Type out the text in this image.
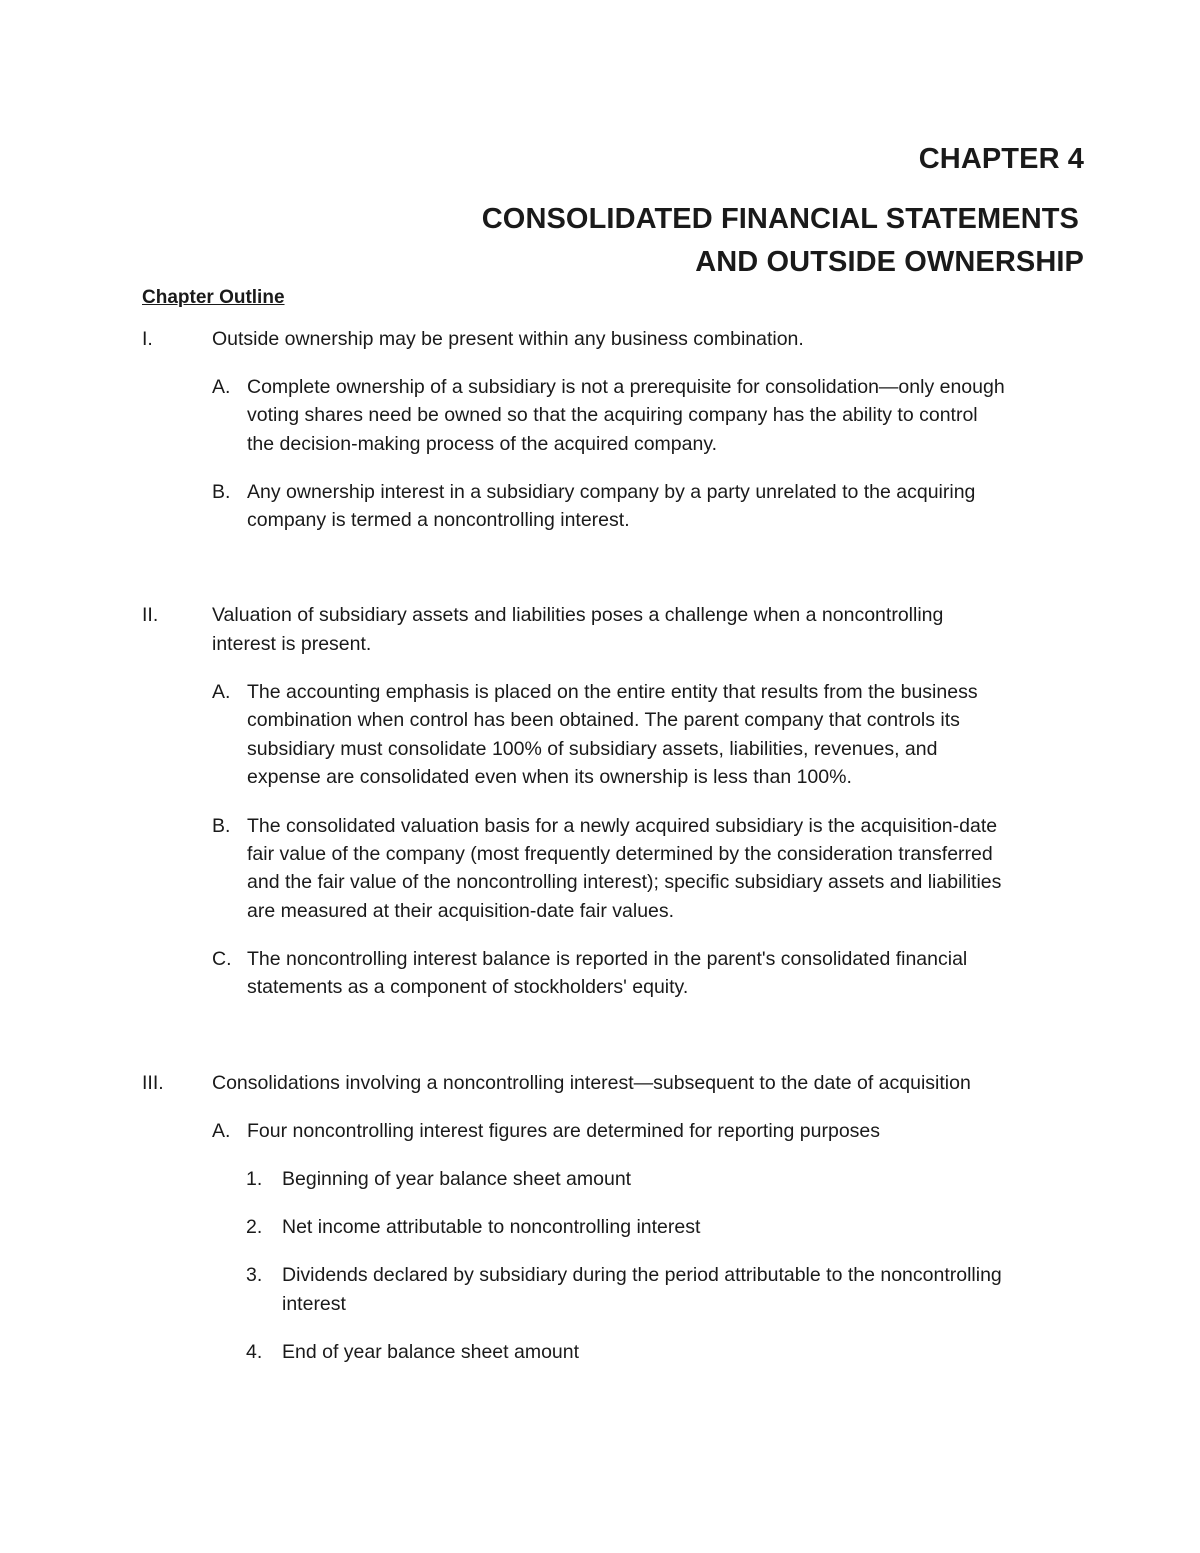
CHAPTER 4
CONSOLIDATED FINANCIAL STATEMENTS
AND OUTSIDE OWNERSHIP
Chapter Outline
I.	Outside ownership may be present within any business combination.
A. Complete ownership of a subsidiary is not a prerequisite for consolidation—only enough
voting shares need be owned so that the acquiring company has the ability to control
the decision-making process of the acquired company.
B. Any ownership interest in a subsidiary company by a party unrelated to the acquiring
company is termed a noncontrolling interest.
II.	Valuation of subsidiary assets and liabilities poses a challenge when a noncontrolling
interest is present.
A. The accounting emphasis is placed on the entire entity that results from the business
combination when control has been obtained. The parent company that controls its
subsidiary must consolidate 100% of subsidiary assets, liabilities, revenues, and
expense are consolidated even when its ownership is less than 100%.
B. The consolidated valuation basis for a newly acquired subsidiary is the acquisition-date
fair value of the company (most frequently determined by the consideration transferred
and the fair value of the noncontrolling interest); specific subsidiary assets and liabilities
are measured at their acquisition-date fair values.
C. The noncontrolling interest balance is reported in the parent's consolidated financial
statements as a component of stockholders' equity.
III. Consolidations involving a noncontrolling interest—subsequent to the date of acquisition
A. Four noncontrolling interest figures are determined for reporting purposes
1. Beginning of year balance sheet amount
2. Net income attributable to noncontrolling interest
3. Dividends declared by subsidiary during the period attributable to the noncontrolling
interest
4. End of year balance sheet amount
